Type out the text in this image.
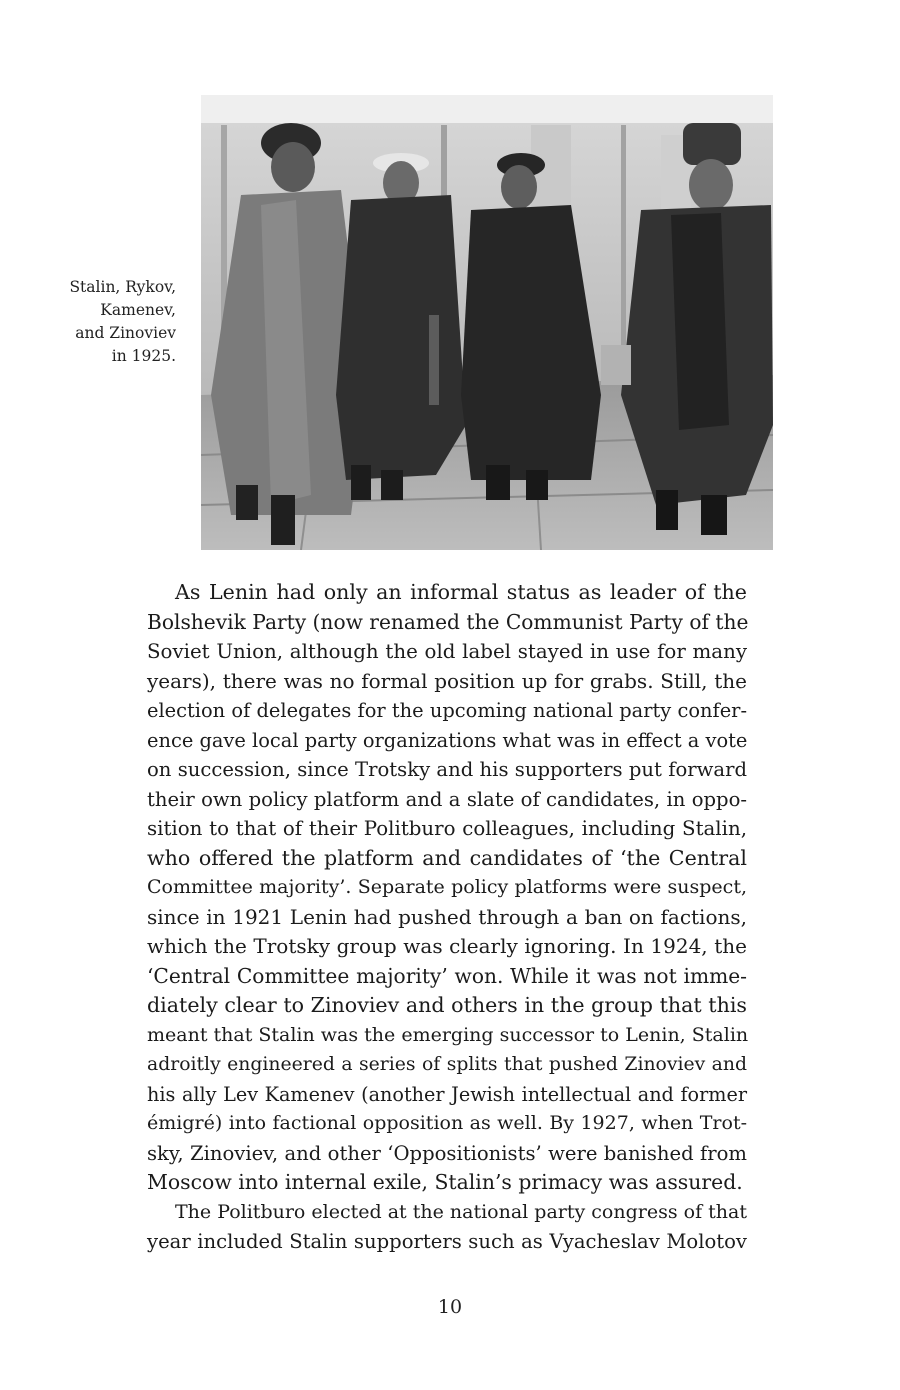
Stalin, Rykov,
Kamenev,
and Zinoviev
in 1925.
As Lenin had only an informal status as leader of the
Bolshevik Party (now renamed the Communist Party of the
Soviet Union, although the old label stayed in use for many
years), there was no formal position up for grabs. Still, the
election of delegates for the upcoming national party confer-
ence gave local party organizations what was in effect a vote
on succession, since Trotsky and his supporters put forward
their own policy platform and a slate of candidates, in oppo-
sition to that of their Politburo colleagues, including Stalin,
who offered the platform and candidates of ‘the Central
Committee majority’. Separate policy platforms were suspect,
since in 1921 Lenin had pushed through a ban on factions,
which the Trotsky group was clearly ignoring. In 1924, the
‘Central Committee majority’ won. While it was not imme-
diately clear to Zinoviev and others in the group that this
meant that Stalin was the emerging successor to Lenin, Stalin
adroitly engineered a series of splits that pushed Zinoviev and
his ally Lev Kamenev (another Jewish intellectual and former
émigré) into factional opposition as well. By 1927, when Trot-
sky, Zinoviev, and other ‘Oppositionists’ were banished from
Moscow into internal exile, Stalin’s primacy was assured.
The Politburo elected at the national party congress of that
year included Stalin supporters such as Vyacheslav Molotov
10
